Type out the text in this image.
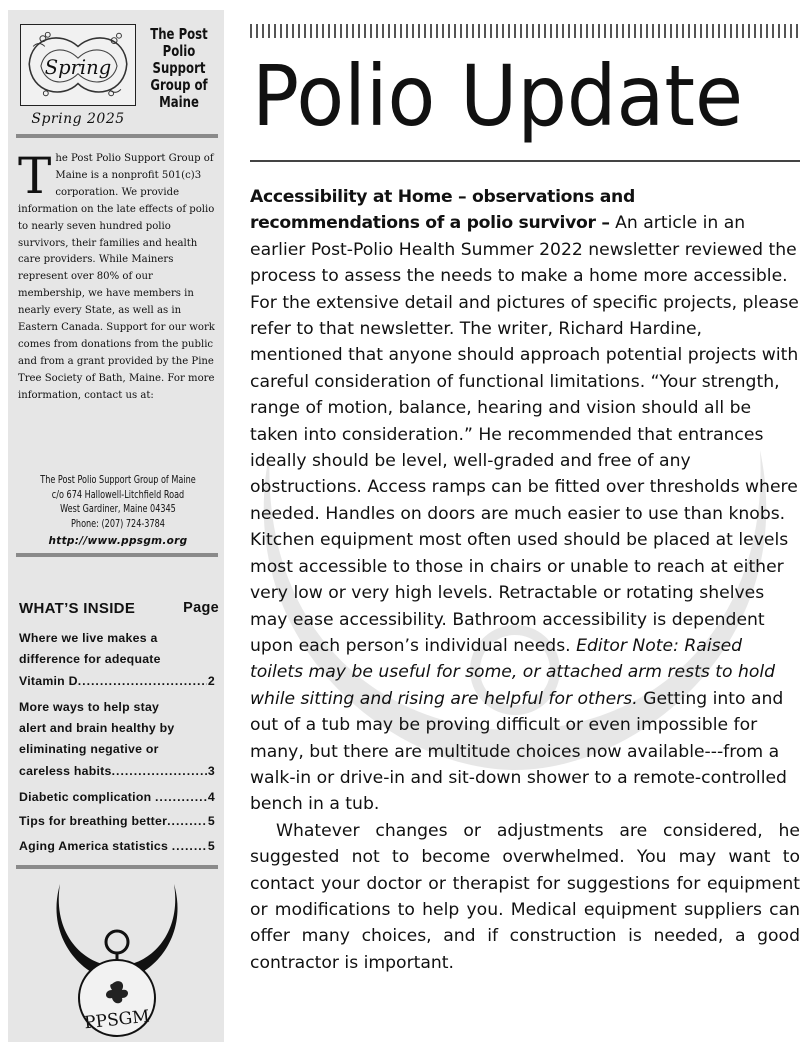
Spring
The Post
Polio
Support
Group of
Maine
Spring 2025
The Post Polio Support Group of Maine is a nonprofit 501(c)3 corporation. We provide information on the late effects of polio to nearly seven hundred polio survivors, their families and health care providers. While Mainers represent over 80% of our membership, we have members in nearly every State, as well as in Eastern Canada. Support for our work comes from donations from the public and from a grant provided by the Pine Tree Society of Bath, Maine. For more information, contact us at:
The Post Polio Support Group of Maine
c/o 674 Hallowell-Litchfield Road
West Gardiner, Maine 04345
Phone: (207) 724-3784
http://www.ppsgm.org
WHAT’S INSIDE	Page
Where we live makes a
difference for adequate
Vitamin D .....	2
More ways to help stay
alert and brain healthy by
eliminating negative or
careless habits .....	3
Diabetic complication .....	4
Tips for breathing better .....	5
Aging America statistics .....	5
PPSGM
Polio Update

Accessibility at Home – observations and recommendations of a polio survivor – An article in an earlier Post-Polio Health Summer 2022 newsletter reviewed the process to assess the needs to make a home more accessible. For the extensive detail and pictures of specific projects, please refer to that newsletter. The writer, Richard Hardine, mentioned that anyone should approach potential projects with careful consideration of functional limitations. “Your strength, range of motion, balance, hearing and vision should all be taken into consideration.” He recommended that entrances ideally should be level, well-graded and free of any obstructions. Access ramps can be fitted over thresholds where needed. Handles on doors are much easier to use than knobs. Kitchen equipment most often used should be placed at levels most accessible to those in chairs or unable to reach at either very low or very high levels. Retractable or rotating shelves may ease accessibility. Bathroom accessibility is dependent upon each person’s individual needs. Editor Note: Raised toilets may be useful for some, or attached arm rests to hold while sitting and rising are helpful for others. Getting into and out of a tub may be proving difficult or even impossible for many, but there are multitude choices now available---from a walk-in or drive-in and sit-down shower to a remote-controlled bench in a tub.

Whatever changes or adjustments are considered, he suggested not to become overwhelmed. You may want to contact your doctor or therapist for suggestions for equipment or modifications to help you. Medical equipment suppliers can offer many choices, and if construction is needed, a good contractor is important.
